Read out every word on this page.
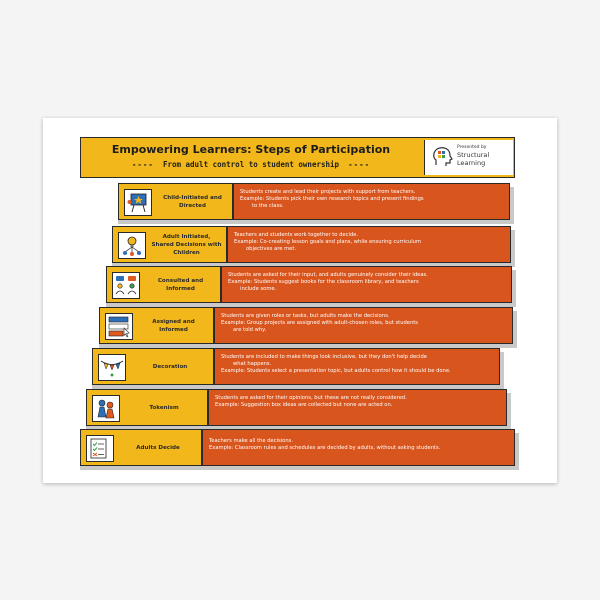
Empowering Learners: Steps of Participation
---- From adult control to student ownership ----
Presented by
Structural
Learning
Child-Initiated and Directed
Students create and lead their projects with support from teachers.
Example: Students pick their own research topics and present findings
to the class.
Adult Initiated, Shared Decisions with Children
Teachers and students work together to decide.
Example: Co-creating lesson goals and plans, while ensuring curriculum
objectives are met.
Consulted and Informed
Students are asked for their input, and adults genuinely consider their ideas.
Example: Students suggest books for the classroom library, and teachers
include some.
Assigned and Informed
Students are given roles or tasks, but adults make the decisions.
Example: Group projects are assigned with adult-chosen roles, but students
are told why.
Decoration
Students are included to make things look inclusive, but they don't help decide
what happens.
Example: Students select a presentation topic, but adults control how it should be done.
Tokenism
Students are asked for their opinions, but these are not really considered.
Example: Suggestion box ideas are collected but none are acted on.
Adults Decide
Teachers make all the decisions.
Example: Classroom rules and schedules are decided by adults, without asking students.
